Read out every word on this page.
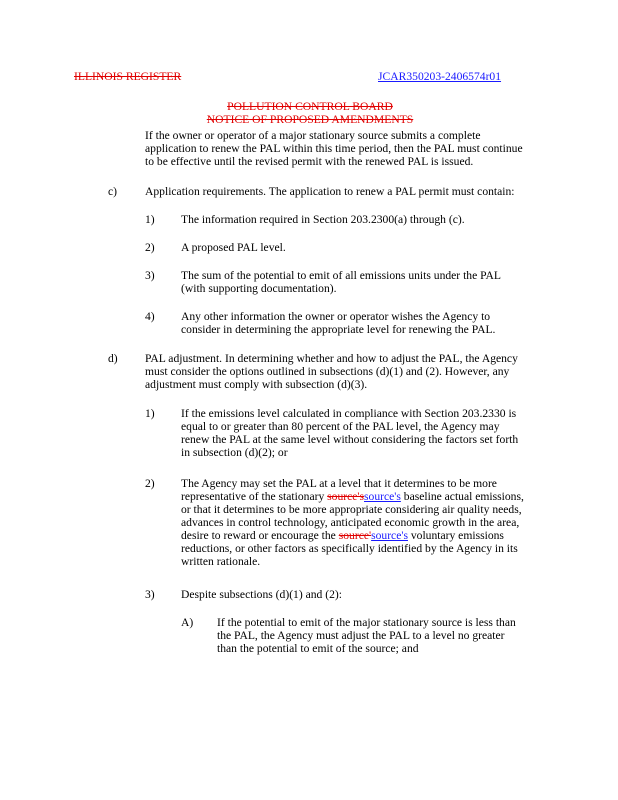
ILLINOIS REGISTER	JCAR350203-2406574r01
POLLUTION CONTROL BOARD
NOTICE OF PROPOSED AMENDMENTS
If the owner or operator of a major stationary source submits a complete
application to renew the PAL within this time period, then the PAL must continue
to be effective until the revised permit with the renewed PAL is issued.
c) Application requirements. The application to renew a PAL permit must contain:
1) The information required in Section 203.2300(a) through (c).
2) A proposed PAL level.
3) The sum of the potential to emit of all emissions units under the PAL
(with supporting documentation).
4) Any other information the owner or operator wishes the Agency to
consider in determining the appropriate level for renewing the PAL.
d) PAL adjustment. In determining whether and how to adjust the PAL, the Agency
must consider the options outlined in subsections (d)(1) and (2). However, any
adjustment must comply with subsection (d)(3).
1) If the emissions level calculated in compliance with Section 203.2330 is
equal to or greater than 80 percent of the PAL level, the Agency may
renew the PAL at the same level without considering the factors set forth
in subsection (d)(2); or
2) The Agency may set the PAL at a level that it determines to be more
representative of the stationary source'ssource's baseline actual emissions,
or that it determines to be more appropriate considering air quality needs,
advances in control technology, anticipated economic growth in the area,
desire to reward or encourage the source'source's voluntary emissions
reductions, or other factors as specifically identified by the Agency in its
written rationale.
3) Despite subsections (d)(1) and (2):
A) If the potential to emit of the major stationary source is less than
the PAL, the Agency must adjust the PAL to a level no greater
than the potential to emit of the source; and
